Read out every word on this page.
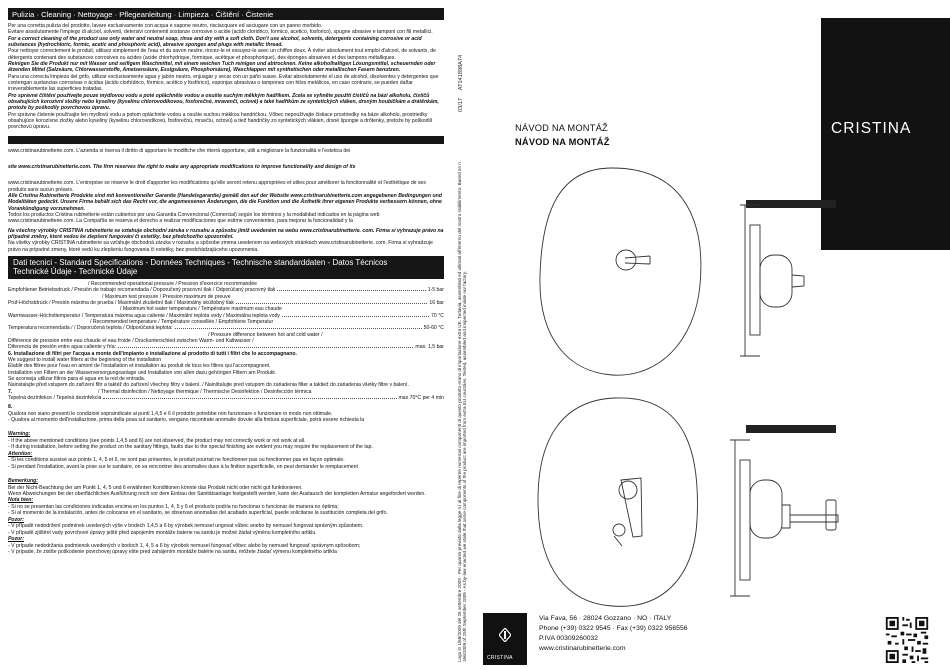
Pulizia · Cleaning · Nettoyage · Pflegeanleitung · Limpieza · Čištění · Čistenie
Per una corretta pulizia del prodotto, lavare esclusivamente con acqua e sapone neutro, risciacquare ed asciugare con un panno morbido.
Evitare assolutamente l'impiego di alcool, solventi, detersivi contenenti sostanze corrosive o acide (acido cloridrico, formico, acetico, fosforico), spugne abrasive e tamponi con fili metallici.
For a correct cleaning of the product use only water and neutral soap, rinse and dry with a soft cloth. Don't use alcohol, solvents, detergents containing corrosive or acid substances (hydrochloric, formic, acetic and phosphoric acid), abrasive sponges and plugs with metallic thread.
Pour nettoyer correctement le produit, utilisez simplement de l'eau et du savon neutre, rincez-le et essuyez-le avec un chiffon doux. À éviter absolument tout emploi d'alcool, de solvants, de détergents contenant des substances corrosives ou acides (acide chlorhydrique, formique, acétique et phosphorique), des éponges abrasives et des tampons métalliques.
Reinigen Sie die Produkt nur mit Wasser und seifigem Waschmittel, mit einem weichen Tuch reinigen und abtrocknen. Keine alkoholhaltigen Lösungsmittel, scheuernden oder ätzenden Mittel (Salzsäure, Chlorwasserstoffe, Ameisensäure, Essigsäure, Phosphorsäure), Waschlappen mit synthetischen oder metallischen Fasern benutzen.
Para una correcta limpieza del grifo, utilizar exclusivamente agua y jabón neutro, enjuagar y secar con un paño suave. Evitar absolutamente el uso de alcohol, disolventes y detergentes que contengan sustancias corrosivas o ácidas (ácido clorhídrico, fórmico, acético y fosfórico), esponjas abrasivas o tampones con hilos metálicos, en caso contrario, se pueden dañar irreversiblemente las superficies tratadas.
Pro správné čištění používejte pouze mýdlovou vodu a poté opláchněte vodou a osušte suchým měkkým hadříkem. Zcela se vyhněte použití čističů na bázi alkoholu, čističů obsahujících korozivní složky nebo kyseliny (kyselinu chlorovodíkovou, fosforečné, mravenčí, octové) a také hadříkům ze syntetických vláken, drsným houbičkám a drátěnkám, protože by poškodily povrchovou úpravu.
Pre správne čistenie používajte len mydlovú vodu a potom opláchnite vodou a osušte suchou mäkkou handričkou. Vôbec nepoužívajte čistiace prostriedky na báze alkoholu, prostriedky obsahujúce korozívne zložky alebo kyseliny (kyselinu chlorovodíkovú, fosforečnú, mravčiu, octovú) a tiež handričky zo syntetických vlákien, drsné špongie a drôtenky, pretože by poškodili povrchovú úpravu.
www.cristinarubinetterie.com. L'azienda si riserva il diritto di apportare le modifiche che riterrà opportune, utili a migliorare la funzionalità e l'estetica dei
site www.cristinarubinetterie.com. The firm reserves the right to make any appropriate modifications to improve functionality and design of its
www.cristinarubinetterie.com. L'entreprise se réserve le droit d'apporter les modifications qu'elle seront retenu appropriées et utiles pour améliorer la fonctionnalité et l'esthétique de ses produits sans aucun préavis.
Alle Cristina Rubinetterie Produkte sind mit konventioneller Garantie (Handelsgarantie) gemäß den auf der Website www.cristinarubinetterie.com angegebenen Bedingungen und Modalitäten gedeckt. Unsere Firma behält sich das Recht vor, die angemessenen Änderungen, die die Funktion und die Ästhetik ihrer eigenen Produkte verbessern können, ohne Vorankündigung vorzunehmen.
Todos los productos Cristina rubinetterie están cubiertos por una Garantía Convencional (Comercial) según los términos y la modalidad indicados en la página web www.cristinarubinetterie.com. La Compañía se reserva el derecho a realizar modificaciones que estime convenientes, para mejorar la funcionalidad y la
Na všechny výrobky CRISTINA rubinetterie se vztahuje obchodní záruka v rozsahu a způsobu jimiž uvedeném na webu www.cristinarubinetterie. com. Firma si vyhrazuje právo na případné změny, které vedou ke zlepšení fungování či estetiky, bez předchozího upozornění.
Na všetky výrobky CRISTINA rubinetterie sa vzťahuje obchodná záruka v rozsahu a spôsobe zmena uvedenom na webových stránkach www.cristinarubinetterie. com. Firma si vyhradzuje právo na prípadné zmeny, ktoré vedú ku zlepšeniu fungovania či estetiky, bez predchádzajúceho upozornenia.
Dati tecnici - Standard Specifications - Données Techniques - Technische standarddaten - Datos Técnicos
Technické Údaje - Technické Údaje
/ Recommended operational pressure / Pression d'exercice recommandée
Empfohlener Betriebsdruck / Presión de trabajo recomendada / Doporučený pracovní tlak / Odporúčaný pracovný tlak	1-5 bar
/ Maximum test pressure / Pression maximum de preuve
Prüf-Höchstdruck / Presión máxima de prueba / Maximální zkušební tlak / Maximálny skúšobný tlak	16 bar
/ Maximum hot water temperature / Température maximum eau chaude
Warmwasser-Höchsttemperatur / Temperatura máxima agua caliente / Maximální teplota vody / Maximálna teplota vody	70 °C
/ Recommended temperature / Température conseillée / Empfohlene Temperatur
Temperatura recomendada / / Doporučená teplota / Odporúčaná teplota:	50-60 °C
/ Pressure difference between hot and cold water /
Différence de pression entre eau chaude et eau froide / Druckunterschied zwischen Warm- und Kaltwasser /
Diferencia de presión entre agua caliente y fría:	max. 1,5 bar
6. Installazione di filtri per l'acqua a monte dell'impianto e installazione al prodotto di tutti i filtri che lo accompagnano.
We suggest to install water filters at the beginning of the installation
Établir des filtres pour l'eau en amont de l'installation et installation au produit de tous les filtres qui l'accompagnent.
Installation von Filtern an der Wasserversorgungsanlage und Installation von allen dazu gehörigen Filtern am Produkt.
Se aconseja utilizar filtros para el agua en la red de entrada.
Nainstalujte před vstupem do zařízení filtr a taktéž do zařízení všechny filtry v balení. / Nainštalujte pred vstupom do zariadenia filter a taktiež do zariadenia všetky filtre v balení.
7.	/ Thermal disinfection / Nettoyage thermique / Thermische Desinfektion / Desinfección térmica
Tepelná dezinfekce / Tepelná dezinfekcia	max 70°C per 4 min
8.
Qualora non siano presenti le condizioni sopraindicate ai punti 1,4,5 e 6 il prodotto potrebbe non funzionare o funzionare in modo non ottimale.
- Qualora al momento dell'installazione, prima della posa sul sanitario, vengano riscontrate anomalie dovute alla finitura superficiale, potrà essere richiesta la
Warning:
- If the above mentioned conditions (see points 1,4,5 and 6) are not observed, the product may not correctly work or not work at all.
- If during installation, before setting the product on the sanitary fittings, faults due to the special finishing are evident you may require the replacement of the tap.
Attention:
- Si les conditions susvisé aux points 1, 4, 5 et 6, ne sont pas présentes, le produit pourrait ne fonctionner pas ou fonctionner pas en façon optimale.
- Si pendant l'installation, avant la pose sur le sanitaire, on va rencontrer des anomalies dues à la finition superficielle, on peut demander le remplacement
Bemerkung:
Bei der Nicht-Beachtung der am Punkt 1, 4, 5 und 6 erwähnten Konditionen könnte das Produkt nicht oder nicht gut funktionieren.
Wenn Abweichungen bei der oberflächlichen Ausführung noch vor dem Einbau der Sanitätsanlage festgestellt werden, kann der Austausch der kompletten Armatur angefordert werden.
Nota bien:
- Si no se presentan las condiciones indicadas encima en los puntos 1, 4, 5 y 6 el producto podría no funcionar o funcionar de manera no óptima;
- Si al momento de la instalación, antes de colocarse en el sanitario, se observan anomalías del acabado superficial, puede solicitarse la sustitución completa del grifo.
Pozor:
- V případě nedodržení podmínek uvedených výše v bodech 1,4,5 a 6 by výrobek nemusel ungovat vůbec anebo by nemusel fungovat správným způsobem.
- V případě zjištění vady povrchové úpravy ještě před zapojením montáže baterie na sanitu je možné žádat výměnu kompletního artiklu.
Pozor:
- V prípade nedodržania podmienok uvedených v bodoch 1, 4, 5 a 6 by výrobok nemusel fungovať vôbec alebo by nemusel fungovať správnym spôsobom;
- V prípade, že zistíte poškodenie povrchovej úpravy ešte pred zahájením montáže batérie na sanitu, môžete žiadať výmenu kompletného artikla
03/17     AT141898A74
Logo in 1/66/2009 del 25 settembre 2009 - Per quanto previsto dalla legge n.l al fine di reperire numerosi componenti di questo prodotto erano di importazione extra UE. Tuttavia, assemblati ed ultimati all'interno del nostro stabilimento. Based on n. 166/2009 of 25th September 2009 - As by-law enacted we state that some components of the product are imported from extra EU countries. Tested, assembled and inspected inside our factory.
NÁVOD NA MONTÁŽ
NÁVOD NA MONTÁŽ
CRISTINA
CRISTINA
Via Fava, 56 · 28024 Gozzano · NO · ITALY
Phone (+39) 0322 9545 · Fax (+39) 0322 956556
P.IVA 00309260032
www.cristinarubinetterie.com
